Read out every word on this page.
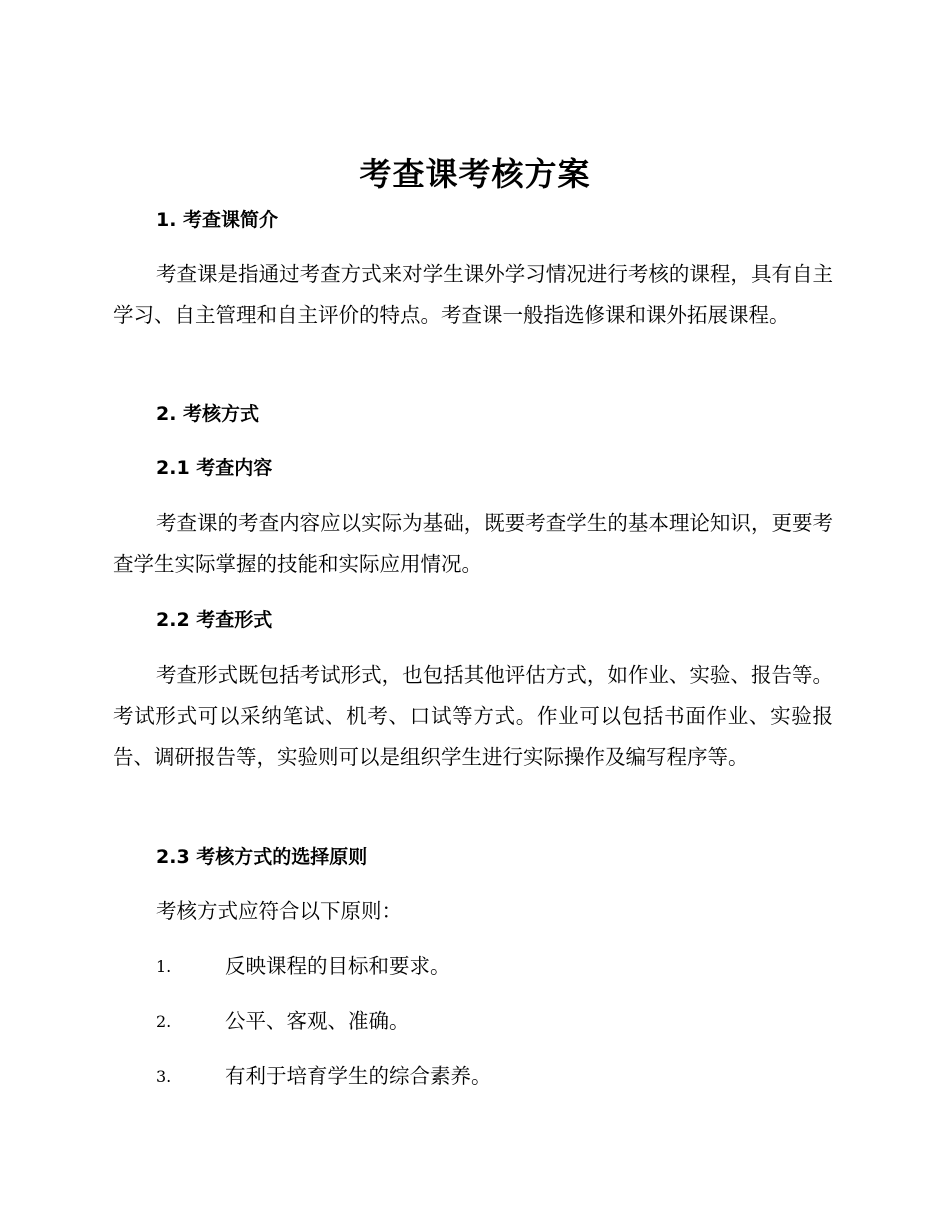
考查课考核方案
1. 考查课简介
考查课是指通过考查方式来对学生课外学习情况进行考核的课程，具有自主学习、自主管理和自主评价的特点。考查课一般指选修课和课外拓展课程。
2. 考核方式
2.1 考查内容
考查课的考查内容应以实际为基础，既要考查学生的基本理论知识，更要考查学生实际掌握的技能和实际应用情况。
2.2 考查形式
考查形式既包括考试形式，也包括其他评估方式，如作业、实验、报告等。考试形式可以采纳笔试、机考、口试等方式。作业可以包括书面作业、实验报告、调研报告等，实验则可以是组织学生进行实际操作及编写程序等。
2.3 考核方式的选择原则
考核方式应符合以下原则：
1.	反映课程的目标和要求。
2.	公平、客观、准确。
3.	有利于培育学生的综合素养。
